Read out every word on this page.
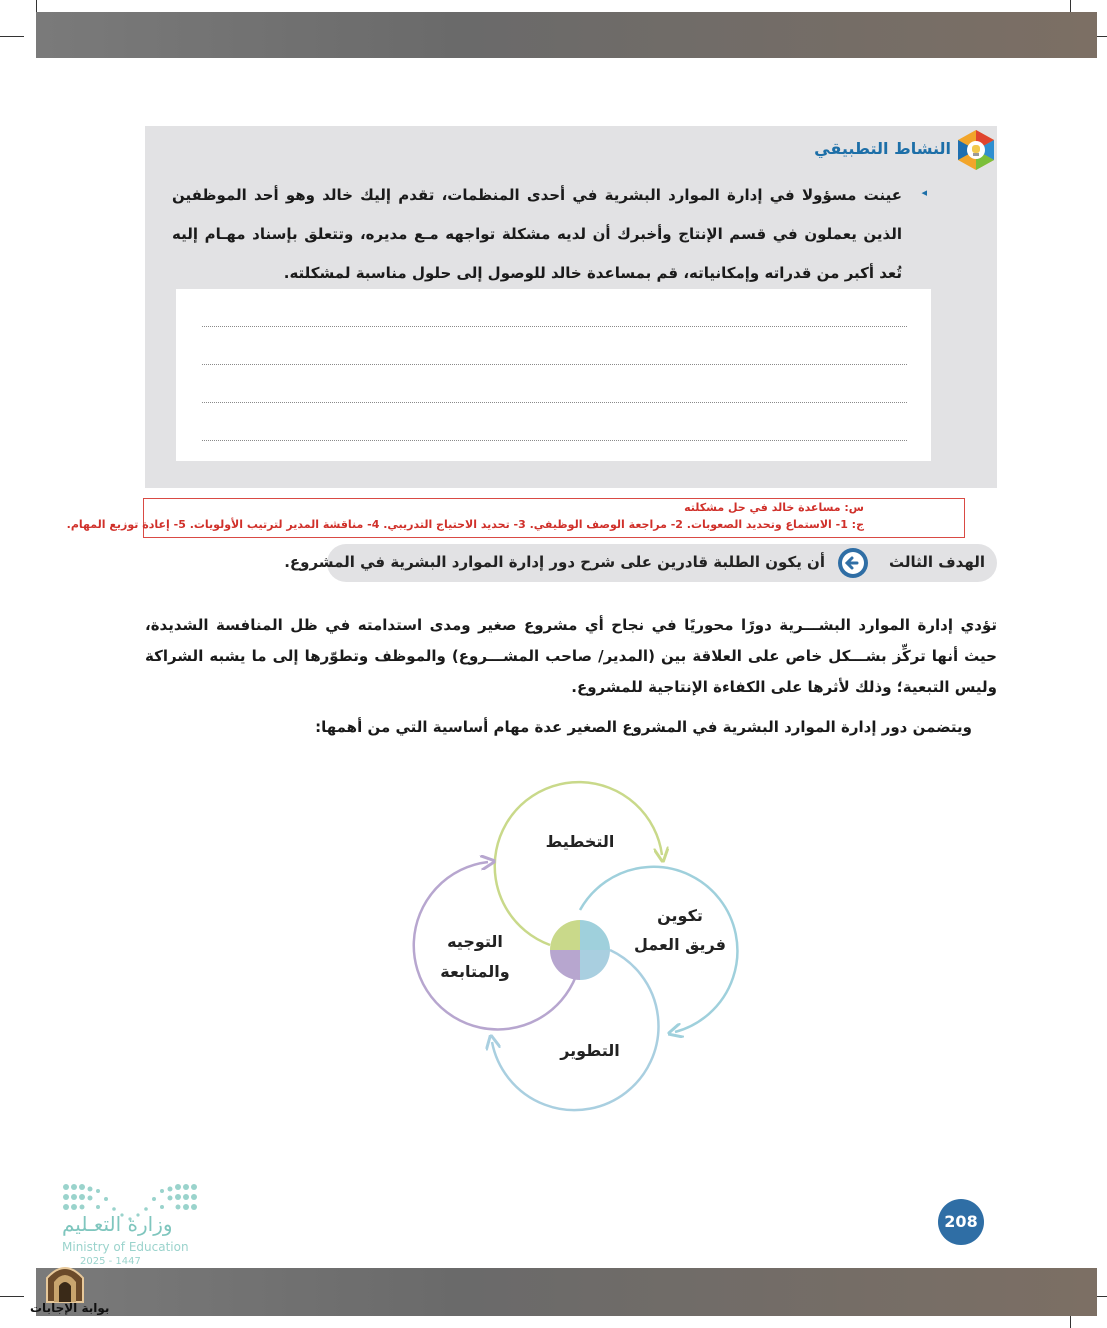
النشاط التطبيقي
◂
عينت مسؤولا في إدارة الموارد البشرية في أحدى المنظمات، تقدم إليك خالد وهو أحد الموظفين الذين يعملون في قسم الإنتاج وأخبرك أن لديه مشكلة تواجهه مـع مديره، وتتعلق بإسناد مهـام إليه تُعد أكبر من قدراته وإمكانياته، قم بمساعدة خالد للوصول إلى حلول مناسبة لمشكلته.
س: مساعدة خالد في حل مشكلته
ج: 1- الاستماع وتحديد الصعوبات. 2- مراجعة الوصف الوظيفي. 3- تحديد الاحتياج التدريبي. 4- مناقشة المدير لترتيب الأولويات. 5- إعادة توزيع المهام.
الهدف الثالث
أن يكون الطلبة قادرين على شرح دور إدارة الموارد البشرية في المشروع.
تؤدي إدارة الموارد البشـــرية دورًا محوريًا في نجاح أي مشروع صغير ومدى استدامته في ظل المنافسة الشديدة، حيث أنها تركِّز بشـــكل خاص على العلاقة بين (المدير/ صاحب المشـــروع) والموظف وتطوّرها إلى ما يشبه الشراكة وليس التبعية؛ وذلك لأثرها على الكفاءة الإنتاجية للمشروع.
ويتضمن دور إدارة الموارد البشرية في المشروع الصغير عدة مهام أساسية التي من أهمها:
التخطيط
تكوين
فريق العمل
التطوير
التوجيه
والمتابعة
وزارة التعـليم
Ministry of Education
2025 - 1447
208
بوابة الإجابات
